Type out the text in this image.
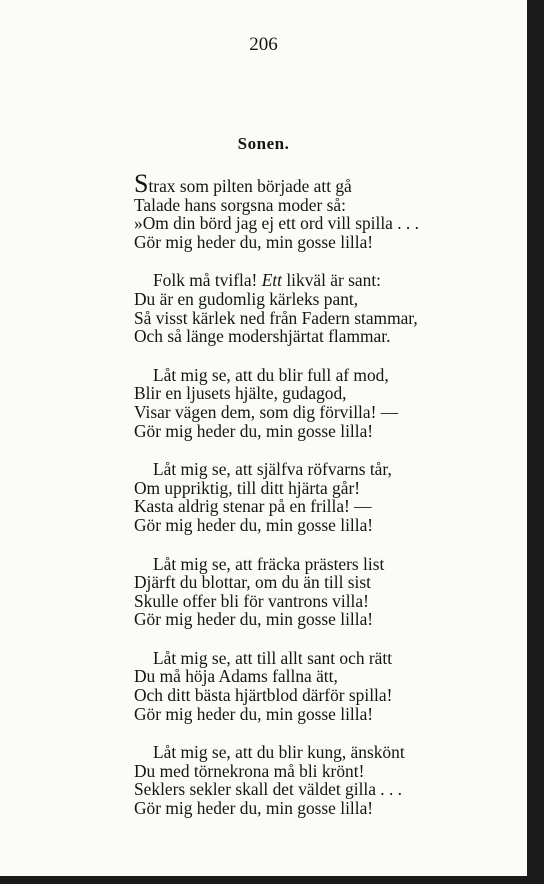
206
Sonen.
Strax som pilten började att gå
Talade hans sorgsna moder så:
»Om din börd jag ej ett ord vill spilla . . .
Gör mig heder du, min gosse lilla!
Folk må tvifla! Ett likväl är sant:
Du är en gudomlig kärleks pant,
Så visst kärlek ned från Fadern stammar,
Och så länge modershjärtat flammar.
Låt mig se, att du blir full af mod,
Blir en ljusets hjälte, gudagod,
Visar vägen dem, som dig förvilla! —
Gör mig heder du, min gosse lilla!
Låt mig se, att själfva röfvarns tår,
Om uppriktig, till ditt hjärta går!
Kasta aldrig stenar på en frilla! —
Gör mig heder du, min gosse lilla!
Låt mig se, att fräcka prästers list
Djärft du blottar, om du än till sist
Skulle offer bli för vantrons villa!
Gör mig heder du, min gosse lilla!
Låt mig se, att till allt sant och rätt
Du må höja Adams fallna ätt,
Och ditt bästa hjärtblod därför spilla!
Gör mig heder du, min gosse lilla!
Låt mig se, att du blir kung, änskönt
Du med törnekrona må bli krönt!
Seklers sekler skall det väldet gilla . . .
Gör mig heder du, min gosse lilla!
